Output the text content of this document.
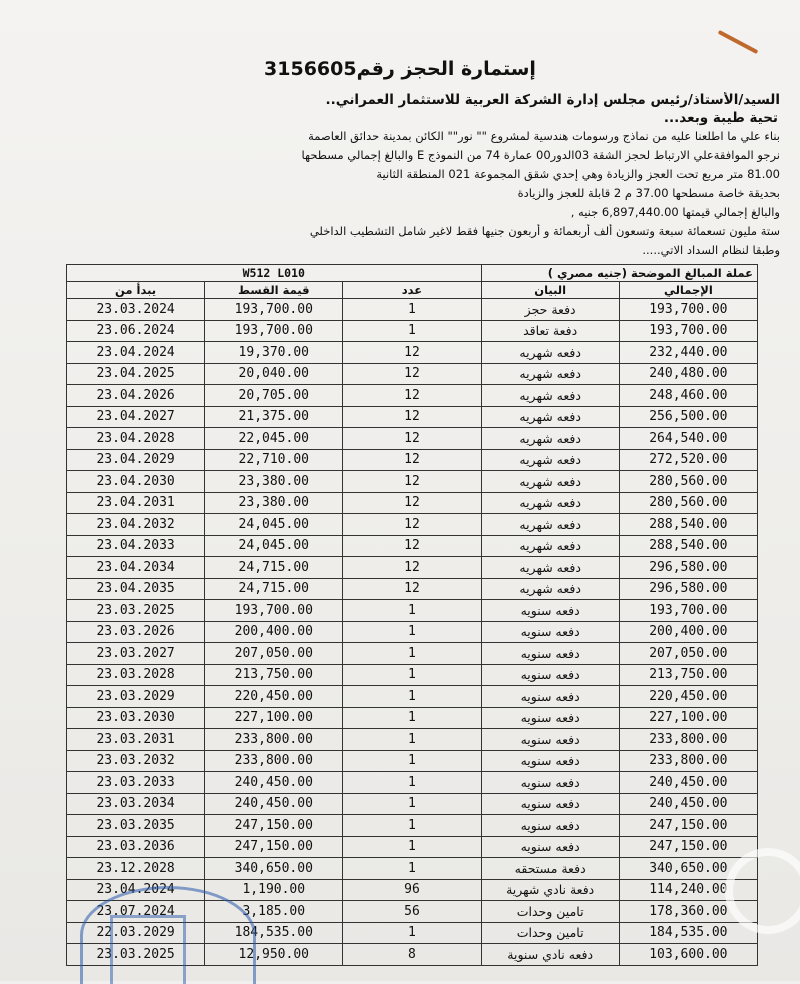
إستمارة الحجز رقم3156605
السيد/الأستاذ/رئيس مجلس إدارة الشركة العربية للاستثمار العمراني..
تحية طيبة وبعد...
بناء علي ما اطلعنا عليه من نماذج ورسومات هندسية لمشروع "" نور"" الكائن بمدينة حدائق العاصمة
نرجو الموافقةعلي الارتباط لحجز الشقة 03الدور00 عمارة 74 من النموذج E والبالغ إجمالي مسطحها
81.00 متر مربع تحت العجز والزيادة وهي إحدي شقق المجموعة 021 المنطقة الثانية
بحديقة خاصة مسطحها 37.00 م 2 قابلة للعجز والزيادة
والبالغ إجمالي قيمتها 6,897,440.00 جنيه ,
ستة مليون تسعمائة سبعة وتسعون ألف أربعمائة و أربعون جنيها فقط لاغير شامل التشطيب الداخلي
وطبقا لنظام السداد الاتي.....
W512 L010			عملة المبالغ الموضحة (جنيه مصري )	
يبدأ من	قيمة القسط	عدد	البيان	الإجمالي
23.03.2024	193,700.00	1	دفعة حجز	193,700.00
23.06.2024	193,700.00	1	دفعة تعاقد	193,700.00
23.04.2024	19,370.00	12	دفعه شهريه	232,440.00
23.04.2025	20,040.00	12	دفعه شهريه	240,480.00
23.04.2026	20,705.00	12	دفعه شهريه	248,460.00
23.04.2027	21,375.00	12	دفعه شهريه	256,500.00
23.04.2028	22,045.00	12	دفعه شهريه	264,540.00
23.04.2029	22,710.00	12	دفعه شهريه	272,520.00
23.04.2030	23,380.00	12	دفعه شهريه	280,560.00
23.04.2031	23,380.00	12	دفعه شهريه	280,560.00
23.04.2032	24,045.00	12	دفعه شهريه	288,540.00
23.04.2033	24,045.00	12	دفعه شهريه	288,540.00
23.04.2034	24,715.00	12	دفعه شهريه	296,580.00
23.04.2035	24,715.00	12	دفعه شهريه	296,580.00
23.03.2025	193,700.00	1	دفعه سنويه	193,700.00
23.03.2026	200,400.00	1	دفعه سنويه	200,400.00
23.03.2027	207,050.00	1	دفعه سنويه	207,050.00
23.03.2028	213,750.00	1	دفعه سنويه	213,750.00
23.03.2029	220,450.00	1	دفعه سنويه	220,450.00
23.03.2030	227,100.00	1	دفعه سنويه	227,100.00
23.03.2031	233,800.00	1	دفعه سنويه	233,800.00
23.03.2032	233,800.00	1	دفعه سنويه	233,800.00
23.03.2033	240,450.00	1	دفعه سنويه	240,450.00
23.03.2034	240,450.00	1	دفعه سنويه	240,450.00
23.03.2035	247,150.00	1	دفعه سنويه	247,150.00
23.03.2036	247,150.00	1	دفعه سنويه	247,150.00
23.12.2028	340,650.00	1	دفعة مستحقه	340,650.00
23.04.2024	1,190.00	96	دفعة نادي شهرية	114,240.00
23.07.2024	3,185.00	56	تامين وحدات	178,360.00
22.03.2029	184,535.00	1	تامين وحدات	184,535.00
23.03.2025	12,950.00	8	دفعه نادي سنوية	103,600.00
